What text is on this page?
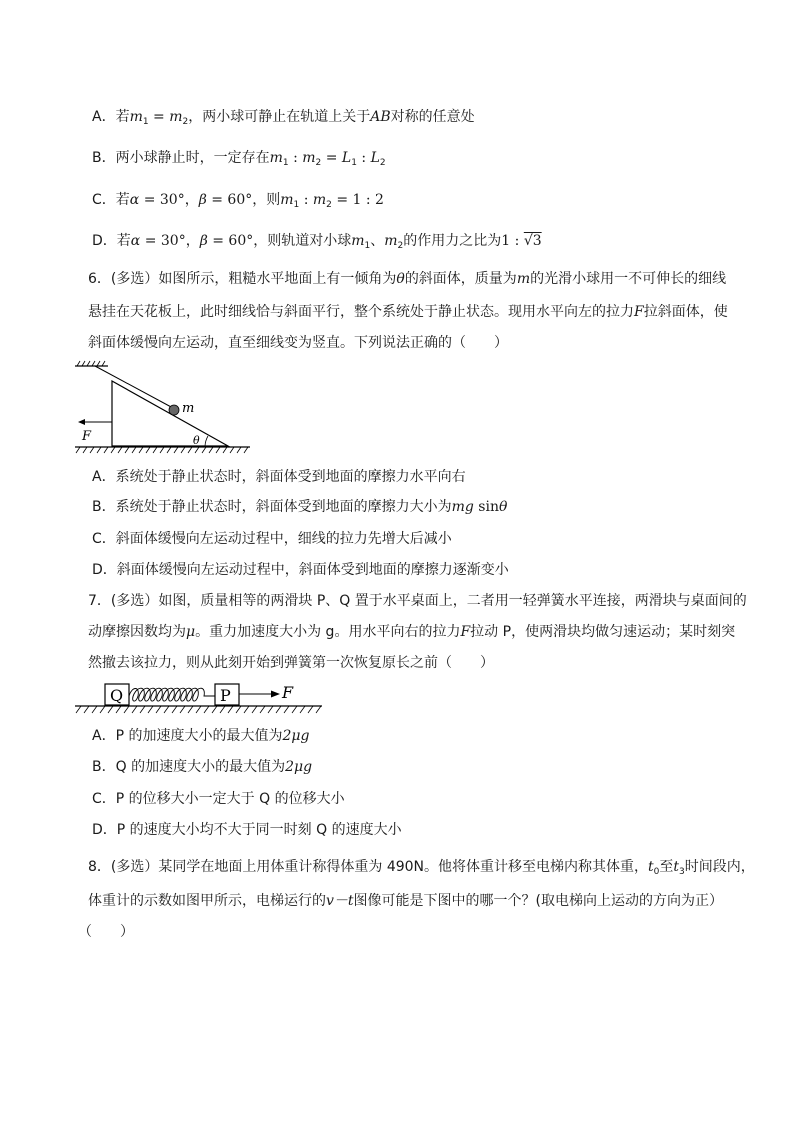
A．若$m_1 = m_2$，两小球可静止在轨道上关于AB对称的任意处
B．两小球静止时，一定存在$m_1$ : $m_2 = L_1$ : $L_2$
C．若α = 30°，β = 60°，则$m_1$ : $m_2 = 1$ : 2
D．若α = 30°，β = 60°，则轨道对小球$m_1$、$m_2$的作用力之比为1 : √3
6．(多选）如图所示，粗糙水平地面上有一倾角为θ的斜面体，质量为m的光滑小球用一不可伸长的细线
悬挂在天花板上，此时细线恰与斜面平行，整个系统处于静止状态。现用水平向左的拉力F拉斜面体，使
斜面体缓慢向左运动，直至细线变为竖直。下列说法正确的（　　）
m
θ
F
A．系统处于静止状态时，斜面体受到地面的摩擦力水平向右
B．系统处于静止状态时，斜面体受到地面的摩擦力大小为mg sinθ
C．斜面体缓慢向左运动过程中，细线的拉力先增大后减小
D．斜面体缓慢向左运动过程中，斜面体受到地面的摩擦力逐渐变小
7．(多选）如图，质量相等的两滑块 P、Q 置于水平桌面上，二者用一轻弹簧水平连接，两滑块与桌面间的
动摩擦因数均为μ。重力加速度大小为 g。用水平向右的拉力F拉动 P，使两滑块均做匀速运动；某时刻突
然撤去该拉力，则从此刻开始到弹簧第一次恢复原长之前（　　）
Q	P	F
A．P 的加速度大小的最大值为2μg
B．Q 的加速度大小的最大值为2μg
C．P 的位移大小一定大于 Q 的位移大小
D．P 的速度大小均不大于同一时刻 Q 的速度大小
8．(多选）某同学在地面上用体重计称得体重为 490N。他将体重计移至电梯内称其体重，$t_0$至$t_3$时间段内，
体重计的示数如图甲所示，电梯运行的v－t图像可能是下图中的哪一个？(取电梯向上运动的方向为正）
（　　）
